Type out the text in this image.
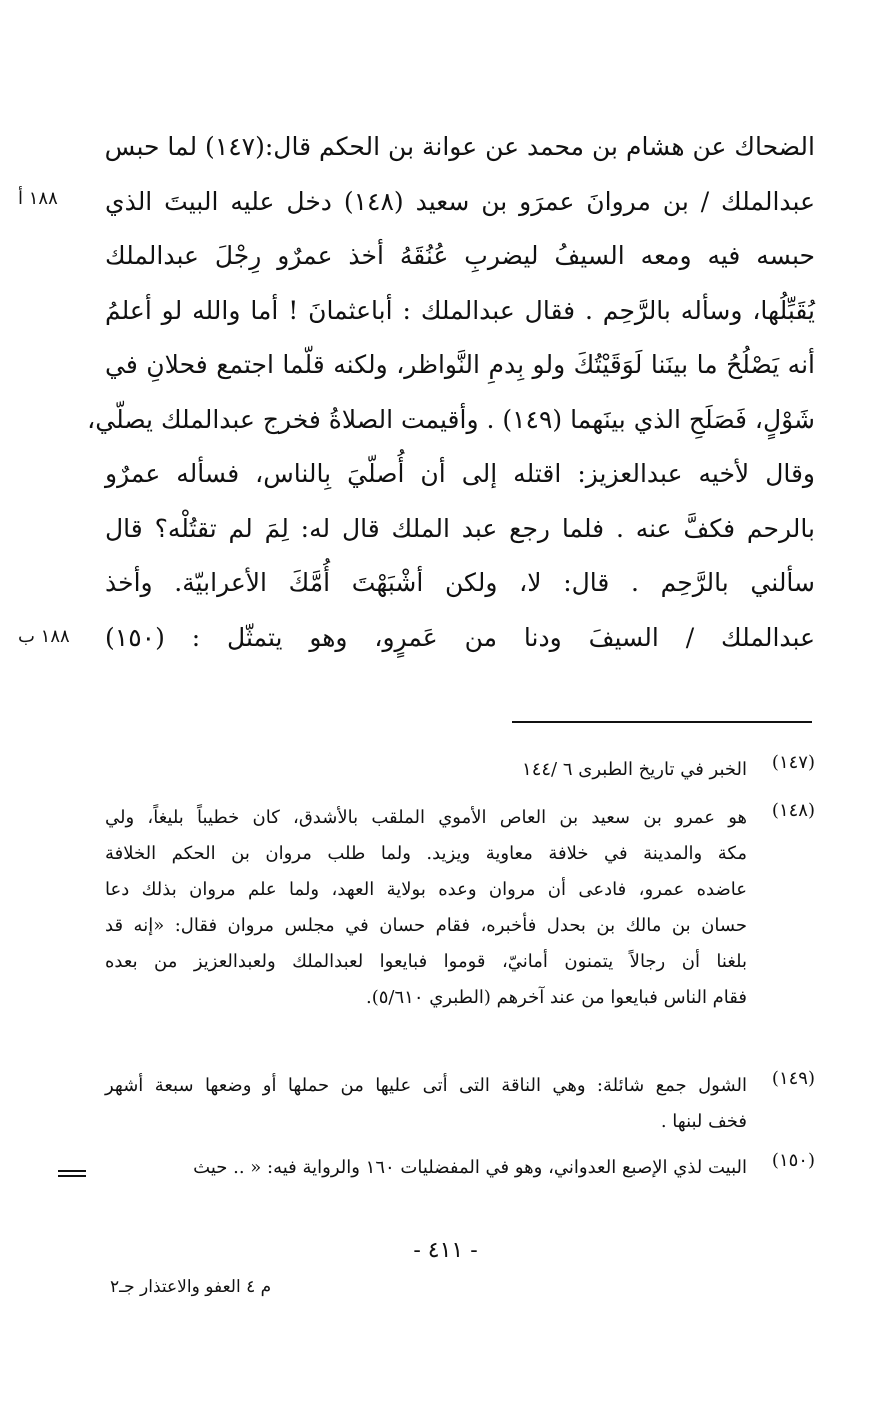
الضحاك عن هشام بن محمد عن عوانة بن الحكم قال:(١٤٧) لما حبس
عبدالملك / بن مروانَ عمرَو بن سعيد (١٤٨) دخل عليه البيتَ الذي
حبسه فيه ومعه السيفُ ليضربِ عُنُقَهُ أخذ عمرٌو رِجْلَ عبدالملك
يُقَبِّلُها، وسأله بالرَّحِم . فقال عبدالملك : أباعثمانَ ! أما والله لو أعلمُ
أنه يَصْلُحُ ما بينَنا لَوَقَيْتُكَ ولو بِدمِ النَّواظر، ولكنه قلّما اجتمع فحلانِ في
شَوْلٍ، فَصَلَحِ الذي بينَهما (١٤٩) . وأقيمت الصلاةُ فخرج عبدالملك يصلّي،
وقال لأخيه عبدالعزيز: اقتله إلى أن أُصلّيَ بِالناس، فسأله عمرٌو
بالرحم فكفَّ عنه . فلما رجع عبد الملك قال له: لِمَ لم تقتُلْه؟ قال
سألني بالرَّحِم . قال: لا، ولكن أشْبَهْتَ أُمَّكَ الأعرابيّة. وأخذ
عبدالملك / السيفَ ودنا من عَمرٍو، وهو يتمثّل : (١٥٠)
١٨٨ أ
١٨٨ ب
(١٤٧)
الخبر في تاريخ الطبرى ٦ /١٤٤
(١٤٨)
هو عمرو بن سعيد بن العاص الأموي الملقب بالأشدق، كان خطيباً بليغاً، ولي
مكة والمدينة في خلافة معاوية ويزيد. ولما طلب مروان بن الحكم الخلافة
عاضده عمرو، فادعى أن مروان وعده بولاية العهد، ولما علم مروان بذلك دعا
حسان بن مالك بن بحدل فأخبره، فقام حسان في مجلس مروان فقال: «إنه قد
بلغنا أن رجالاً يتمنون أمانيّ، قوموا فبايعوا لعبدالملك ولعبدالعزيز من بعده
فقام الناس فبايعوا من عند آخرهم (الطبري ٥/٦١٠).
(١٤٩)
الشول جمع شائلة: وهي الناقة التى أتى عليها من حملها أو وضعها سبعة أشهر
فخف لبنها .
(١٥٠)
البيت لذي الإصبع العدواني، وهو في المفضليات ١٦٠ والرواية فيه: « .. حيث
- ٤١١ -
م ٤ العفو والاعتذار جـ٢
